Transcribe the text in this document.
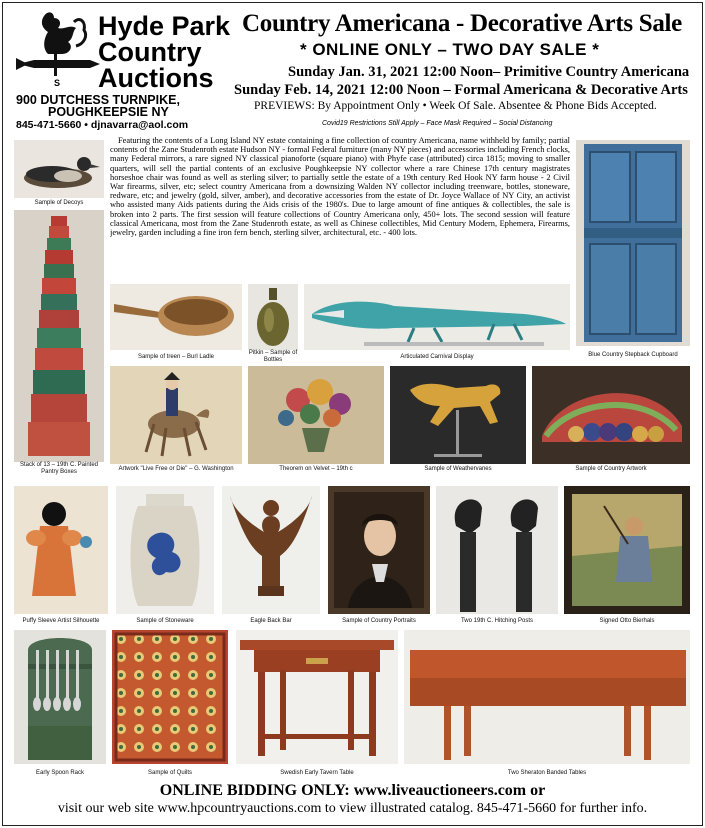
S
Hyde Park
Country
Auctions
900 DUTCHESS TURNPIKE,
POUGHKEEPSIE NY
845-471-5660 • djnavarra@aol.com
Country Americana - Decorative Arts Sale
* ONLINE ONLY – TWO DAY SALE *
Sunday Jan. 31, 2021 12:00 Noon– Primitive Country Americana
Sunday Feb. 14, 2021 12:00 Noon – Formal Americana & Decorative Arts
PREVIEWS: By Appointment Only • Week Of Sale. Absentee & Phone Bids Accepted.
Covid19 Restrictions Still Apply – Face Mask Required – Social Distancing
Featuring the contents of a Long Island NY estate containing a fine collection of country Americana, name withheld by family; partial contents of the Zane Studenroth estate Hudson NY - formal Federal furniture (many NY pieces) and accessories including French clocks, many Federal mirrors, a rare signed NY classical pianoforte (square piano) with Phyfe case (attributed) circa 1815; moving to smaller quarters, will sell the partial contents of an exclusive Poughkeepsie NY collector where a rare Chinese 17th century magistrates horseshoe chair was found as well as sterling silver; to partially settle the estate of a 19th century Red Hook NY farm house - 2 Civil War firearms, silver, etc; select country Americana from a downsizing Walden NY collector including treenware, bottles, stoneware, redware, etc; and jewelry (gold, silver, amber), and decorative accessories from the estate of Dr. Joyce Wallace of NY City, an activist who assisted many Aids patients during the Aids crisis of the 1980's. Due to large amount of fine antiques & collectibles, the sale is broken into 2 parts. The first session will feature collections of Country Americana only, 450+ lots. The second session will feature classical Americana, most from the Zane Studenroth estate, as well as Chinese collectibles, Mid Century Modern, Ephemera, Firearms, jewelry, garden including a fine iron fern bench, sterling silver, architectural, etc. - 400 lots.
Sample of Decoys
Stack of 13 – 19th C. Painted Pantry Boxes
Blue Country Stepback Cupboard
Sample of treen – Burl Ladle
Pitkin – Sample of Bottles	Articulated Carnival Display
Artwork "Live Free or Die" – G. Washington	Theorem on Velvet – 19th c	Sample of Weathervanes	Sample of Country Artwork
Puffy Sleeve Artist Silhouette	Sample of Stoneware	Eagle Back Bar	Sample of Country Portraits	Two 19th C. Hitching Posts	Signed Otto Bierhals
Early Spoon Rack	Sample of Quilts	Swedish Early Tavern Table	Two Sheraton Banded Tables
ONLINE BIDDING ONLY: www.liveauctioneers.com or
visit our web site www.hpcountryauctions.com to view illustrated catalog. 845-471-5660 for further info.
